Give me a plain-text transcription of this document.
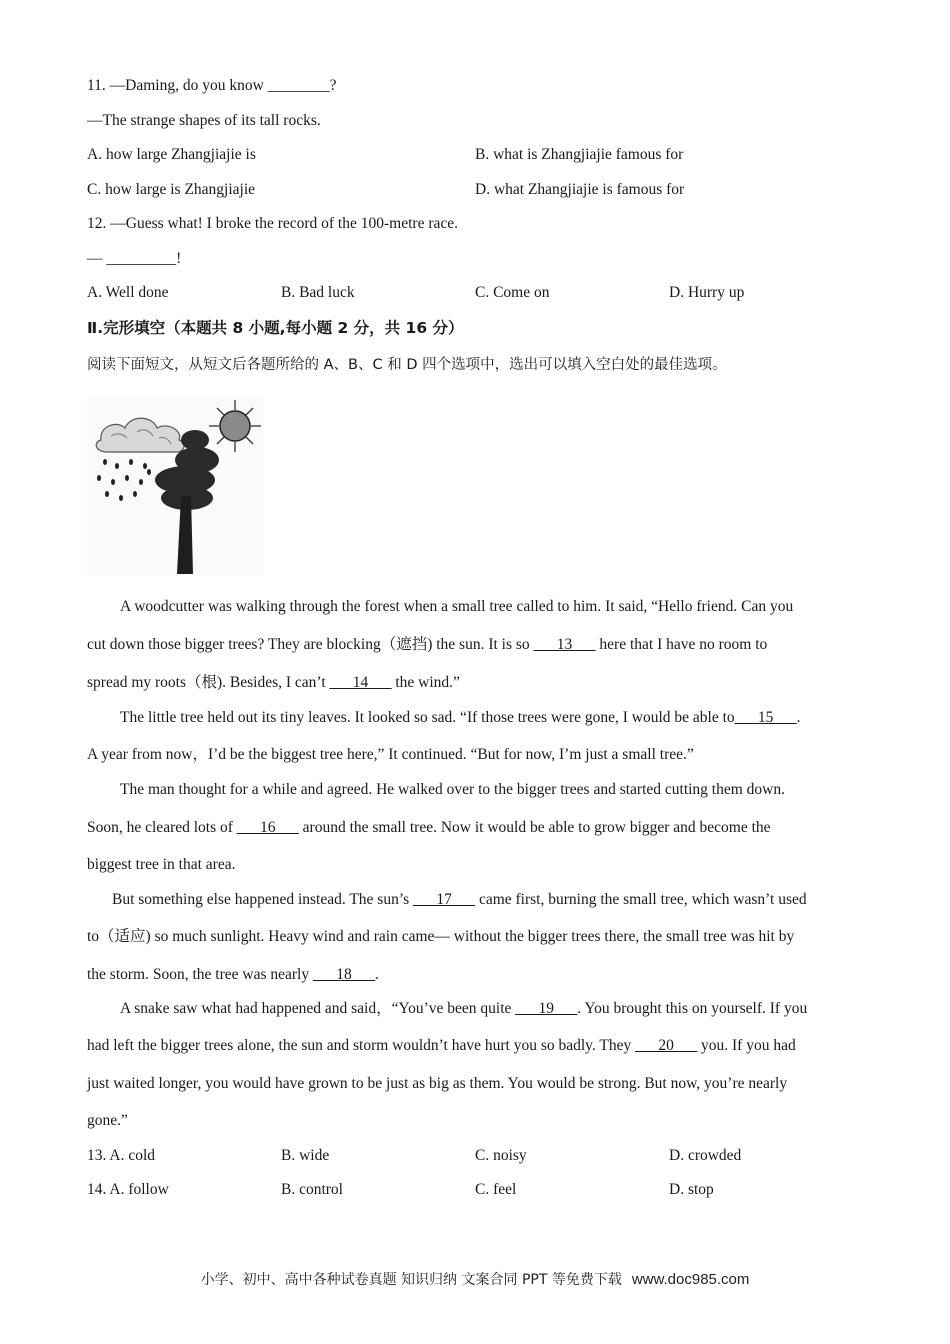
11. —Daming, do you know ________?
—The strange shapes of its tall rocks.
A. how large Zhangjiajie is	B. what is Zhangjiajie famous for
C. how large is Zhangjiajie	D. what Zhangjiajie is famous for
12. —Guess what! I broke the record of the 100-metre race.
— _________!
A. Well done	B. Bad luck	C. Come on	D. Hurry up
Ⅱ.完形填空（本题共 8 小题,每小题 2 分，共 16 分）
阅读下面短文，从短文后各题所给的 A、B、C 和 D 四个选项中，选出可以填入空白处的最佳选项。
A woodcutter was walking through the forest when a small tree called to him. It said, “Hello friend. Can you
cut down those bigger trees? They are blocking（遮挡) the sun. It is so ___13___ here that I have no room to
spread my roots（根). Besides, I can’t ___14___ the wind.”
The little tree held out its tiny leaves. It looked so sad. “If those trees were gone, I would be able to___15___.
A year from now，I’d be the biggest tree here,” It continued. “But for now, I’m just a small tree.”
The man thought for a while and agreed. He walked over to the bigger trees and started cutting them down.
Soon, he cleared lots of ___16___ around the small tree. Now it would be able to grow bigger and become the
biggest tree in that area.
But something else happened instead. The sun’s ___17___ came first, burning the small tree, which wasn’t used
to（适应) so much sunlight. Heavy wind and rain came— without the bigger trees there, the small tree was hit by
the storm. Soon, the tree was nearly ___18___.
A snake saw what had happened and said，“You’ve been quite ___19___. You brought this on yourself. If you
had left the bigger trees alone, the sun and storm wouldn’t have hurt you so badly. They ___20___ you. If you had
just waited longer, you would have grown to be just as big as them. You would be strong. But now, you’re nearly
gone.”
13. A. cold	B. wide	C. noisy	D. crowded
14. A. follow	B. control	C. feel	D. stop
小学、初中、高中各种试卷真题 知识归纳 文案合同 PPT 等免费下载 www.doc985.com
